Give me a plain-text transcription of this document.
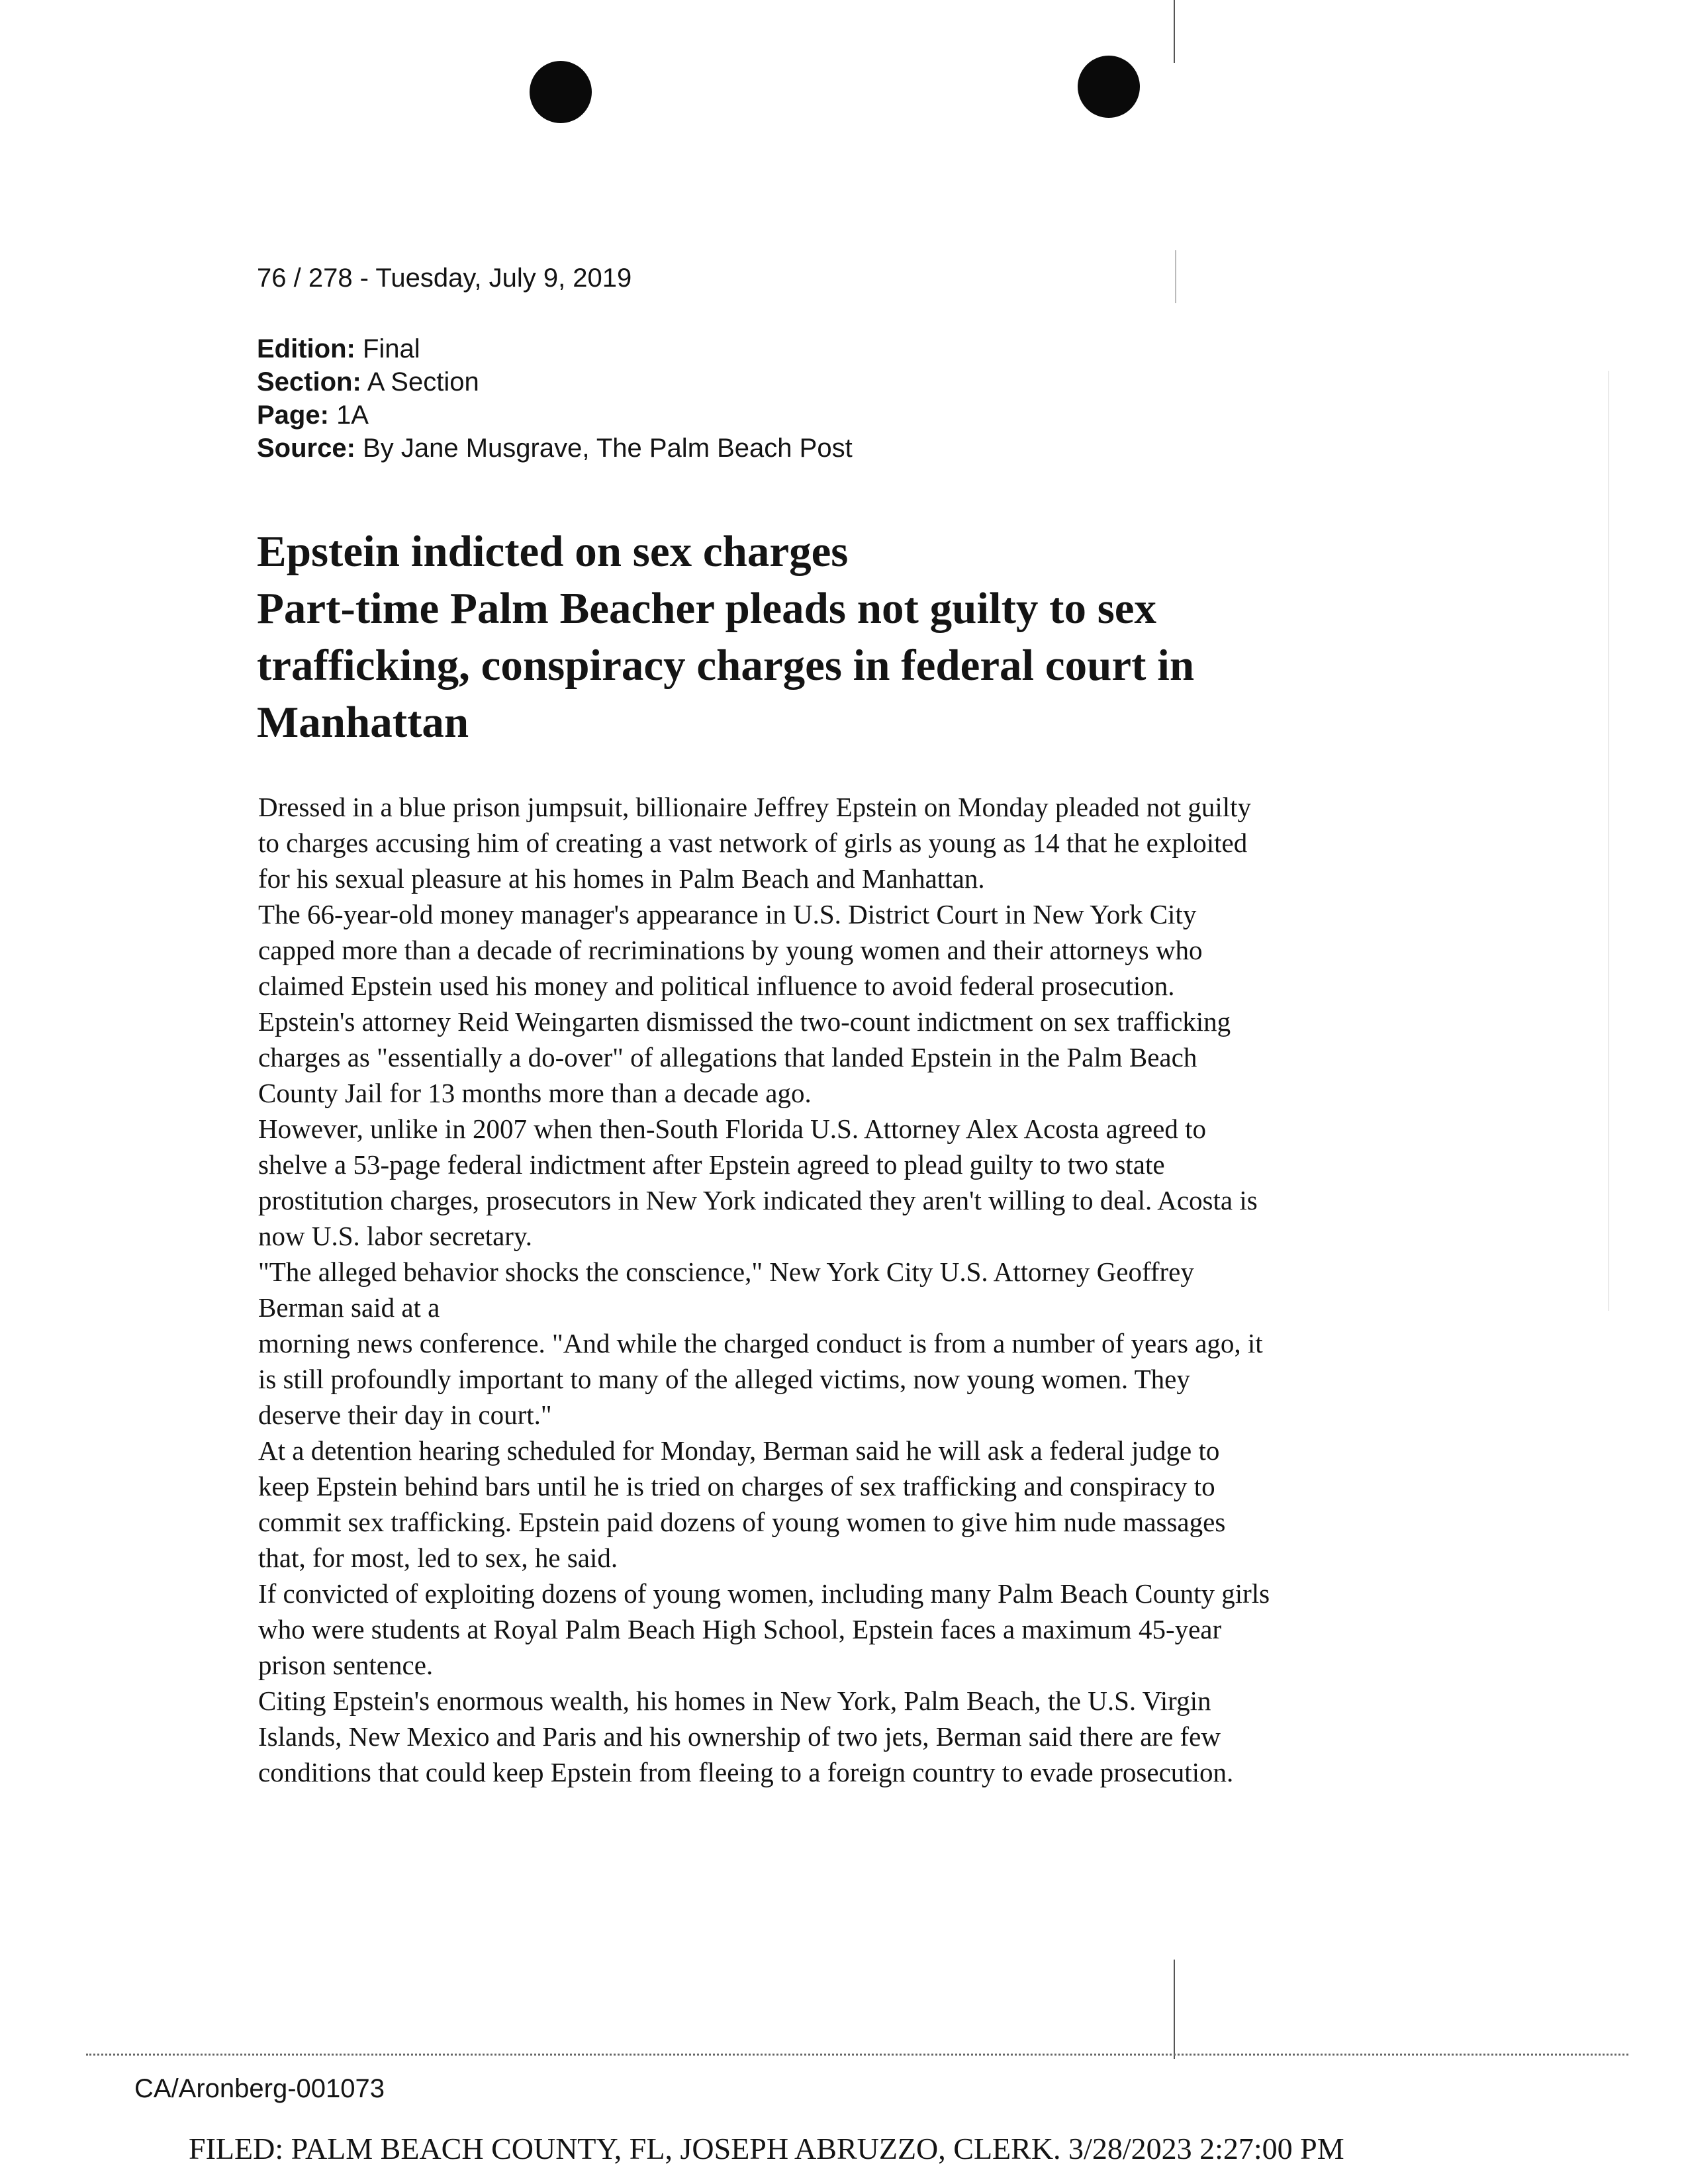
76 / 278 - Tuesday, July 9, 2019
Edition: Final
Section: A Section
Page: 1A
Source: By Jane Musgrave, The Palm Beach Post
Epstein indicted on sex charges
Part-time Palm Beacher pleads not guilty to sex
trafficking, conspiracy charges in federal court in
Manhattan
Dressed in a blue prison jumpsuit, billionaire Jeffrey Epstein on Monday pleaded not guilty
to charges accusing him of creating a vast network of girls as young as 14 that he exploited
for his sexual pleasure at his homes in Palm Beach and Manhattan.
The 66-year-old money manager's appearance in U.S. District Court in New York City
capped more than a decade of recriminations by young women and their attorneys who
claimed Epstein used his money and political influence to avoid federal prosecution.
Epstein's attorney Reid Weingarten dismissed the two-count indictment on sex trafficking
charges as "essentially a do-over" of allegations that landed Epstein in the Palm Beach
County Jail for 13 months more than a decade ago.
However, unlike in 2007 when then-South Florida U.S. Attorney Alex Acosta agreed to
shelve a 53-page federal indictment after Epstein agreed to plead guilty to two state
prostitution charges, prosecutors in New York indicated they aren't willing to deal. Acosta is
now U.S. labor secretary.
"The alleged behavior shocks the conscience," New York City U.S. Attorney Geoffrey
Berman said at a
morning news conference. "And while the charged conduct is from a number of years ago, it
is still profoundly important to many of the alleged victims, now young women. They
deserve their day in court."
At a detention hearing scheduled for Monday, Berman said he will ask a federal judge to
keep Epstein behind bars until he is tried on charges of sex trafficking and conspiracy to
commit sex trafficking. Epstein paid dozens of young women to give him nude massages
that, for most, led to sex, he said.
If convicted of exploiting dozens of young women, including many Palm Beach County girls
who were students at Royal Palm Beach High School, Epstein faces a maximum 45-year
prison sentence.
Citing Epstein's enormous wealth, his homes in New York, Palm Beach, the U.S. Virgin
Islands, New Mexico and Paris and his ownership of two jets, Berman said there are few
conditions that could keep Epstein from fleeing to a foreign country to evade prosecution.
CA/Aronberg-001073
FILED: PALM BEACH COUNTY, FL, JOSEPH ABRUZZO, CLERK. 3/28/2023 2:27:00 PM
